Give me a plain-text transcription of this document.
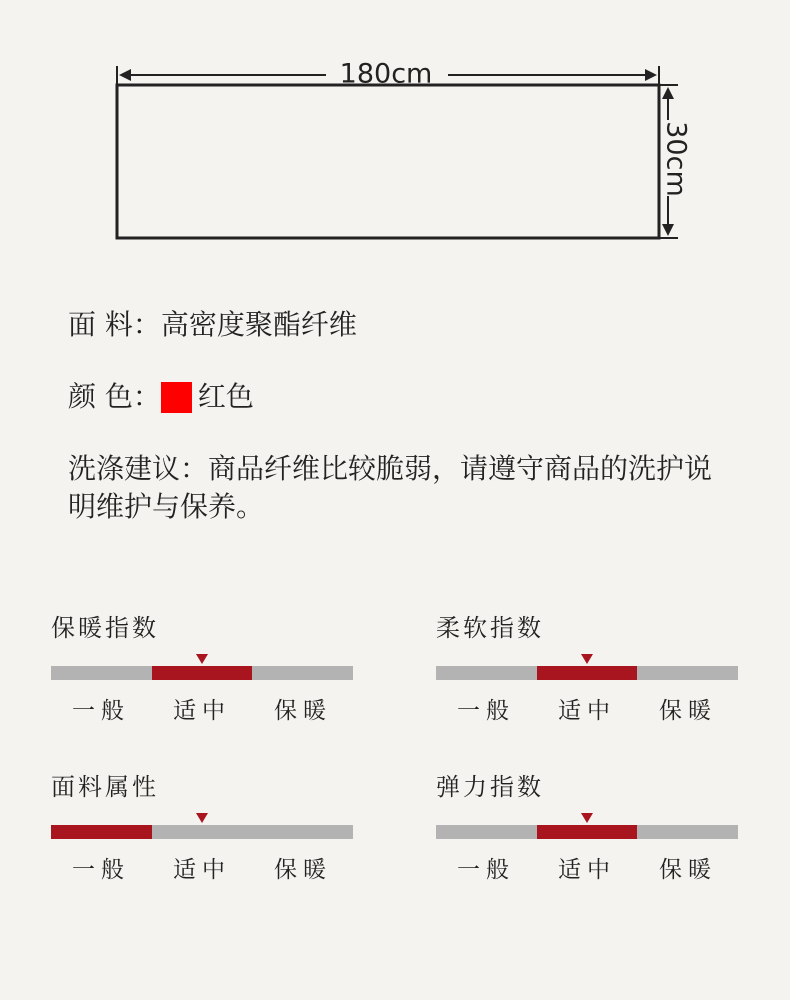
180cm
30cm
面 料：高密度聚酯纤维
颜 色： 红色
洗涤建议：商品纤维比较脆弱，请遵守商品的洗护说明维护与保养。
保暖指数
一般	适中	保暖
柔软指数
一般	适中	保暖
面料属性
一般	适中	保暖
弹力指数
一般	适中	保暖
